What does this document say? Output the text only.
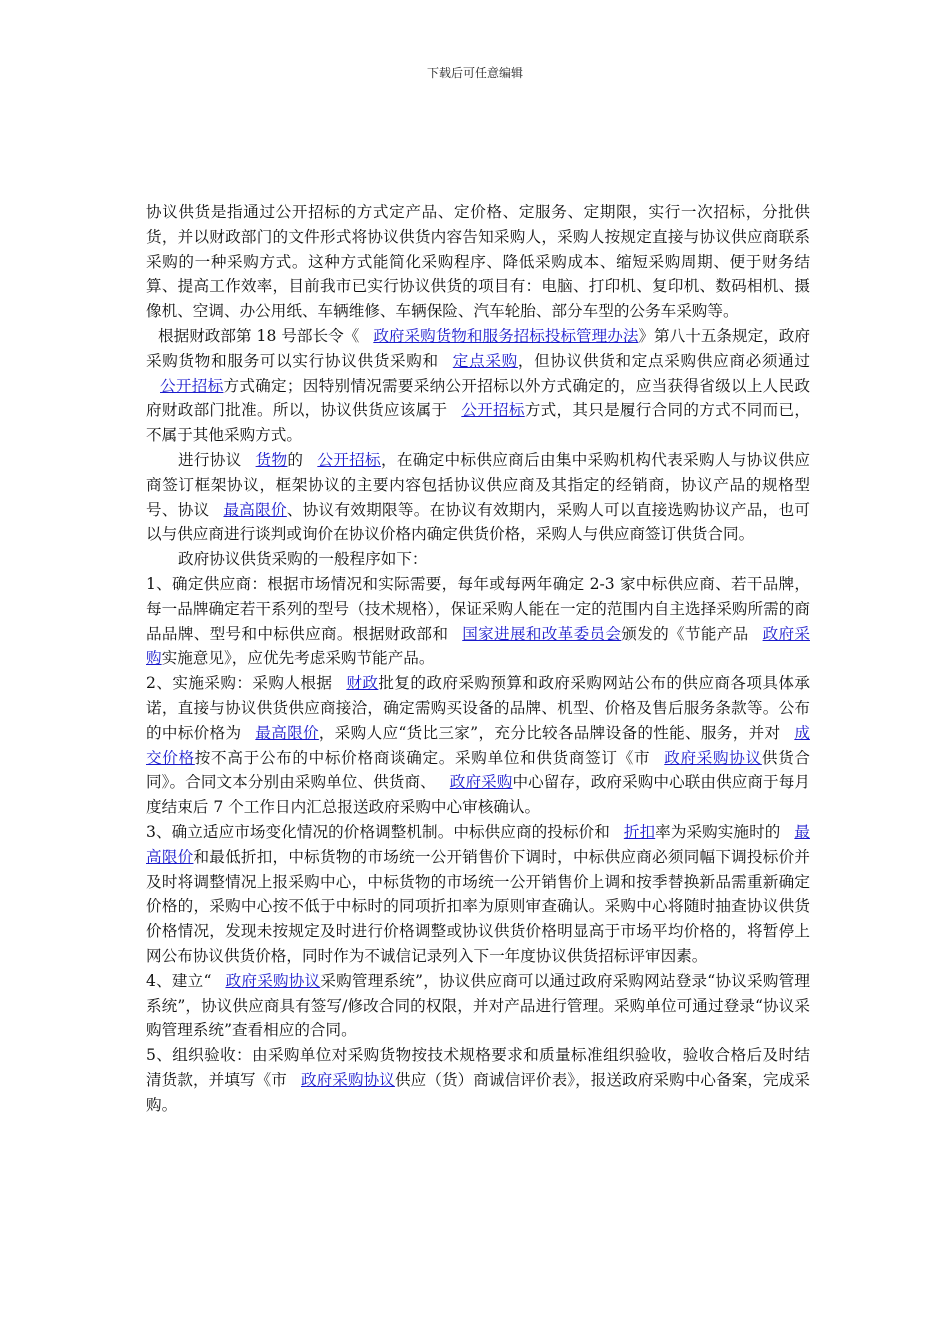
下载后可任意编辑

协议供货是指通过公开招标的方式定产品、定价格、定服务、定期限，实行一次招标，分批供货，并以财政部门的文件形式将协议供货内容告知采购人，采购人按规定直接与协议供应商联系采购的一种采购方式。这种方式能简化采购程序、降低采购成本、缩短采购周期、便于财务结算、提高工作效率，目前我市已实行协议供货的项目有：电脑、打印机、复印机、数码相机、摄像机、空调、办公用纸、车辆维修、车辆保险、汽车轮胎、部分车型的公务车采购等。

根据财政部第 18 号部长令《 政府采购货物和服务招标投标管理办法》第八十五条规定，政府采购货物和服务可以实行协议供货采购和 定点采购，但协议供货和定点采购供应商必须通过公开招标方式确定；因特别情况需要采纳公开招标以外方式确定的，应当获得省级以上人民政府财政部门批准。所以，协议供货应该属于 公开招标方式，其只是履行合同的方式不同而已，不属于其他采购方式。

进行协议 货物的 公开招标，在确定中标供应商后由集中采购机构代表采购人与协议供应商签订框架协议，框架协议的主要内容包括协议供应商及其指定的经销商，协议产品的规格型号、协议 最高限价、协议有效期限等。在协议有效期内，采购人可以直接选购协议产品，也可以与供应商进行谈判或询价在协议价格内确定供货价格，采购人与供应商签订供货合同。

政府协议供货采购的一般程序如下：

1、确定供应商：根据市场情况和实际需要，每年或每两年确定 2-3 家中标供应商、若干品牌，每一品牌确定若干系列的型号（技术规格），保证采购人能在一定的范围内自主选择采购所需的商品品牌、型号和中标供应商。根据财政部和 国家进展和改革委员会颁发的《节能产品 政府采购实施意见》，应优先考虑采购节能产品。

2、实施采购：采购人根据 财政批复的政府采购预算和政府采购网站公布的供应商各项具体承诺，直接与协议供货供应商接洽，确定需购买设备的品牌、机型、价格及售后服务条款等。公布的中标价格为 最高限价，采购人应“货比三家”，充分比较各品牌设备的性能、服务，并对 成交价格按不高于公布的中标价格商谈确定。采购单位和供货商签订《市 政府采购协议供货合同》。合同文本分别由采购单位、供货商、 政府采购中心留存，政府采购中心联由供应商于每月度结束后 7 个工作日内汇总报送政府采购中心审核确认。

3、确立适应市场变化情况的价格调整机制。中标供应商的投标价和 折扣率为采购实施时的 最高限价和最低折扣，中标货物的市场统一公开销售价下调时，中标供应商必须同幅下调投标价并及时将调整情况上报采购中心，中标货物的市场统一公开销售价上调和按季替换新品需重新确定价格的，采购中心按不低于中标时的同项折扣率为原则审查确认。采购中心将随时抽查协议供货价格情况，发现未按规定及时进行价格调整或协议供货价格明显高于市场平均价格的，将暂停上网公布协议供货价格，同时作为不诚信记录列入下一年度协议供货招标评审因素。

4、建立“ 政府采购协议采购管理系统”，协议供应商可以通过政府采购网站登录“协议采购管理系统”，协议供应商具有签写/修改合同的权限，并对产品进行管理。采购单位可通过登录“协议采购管理系统”查看相应的合同。

5、组织验收：由采购单位对采购货物按技术规格要求和质量标准组织验收，验收合格后及时结清货款，并填写《市 政府采购协议供应（货）商诚信评价表》，报送政府采购中心备案，完成采购。
